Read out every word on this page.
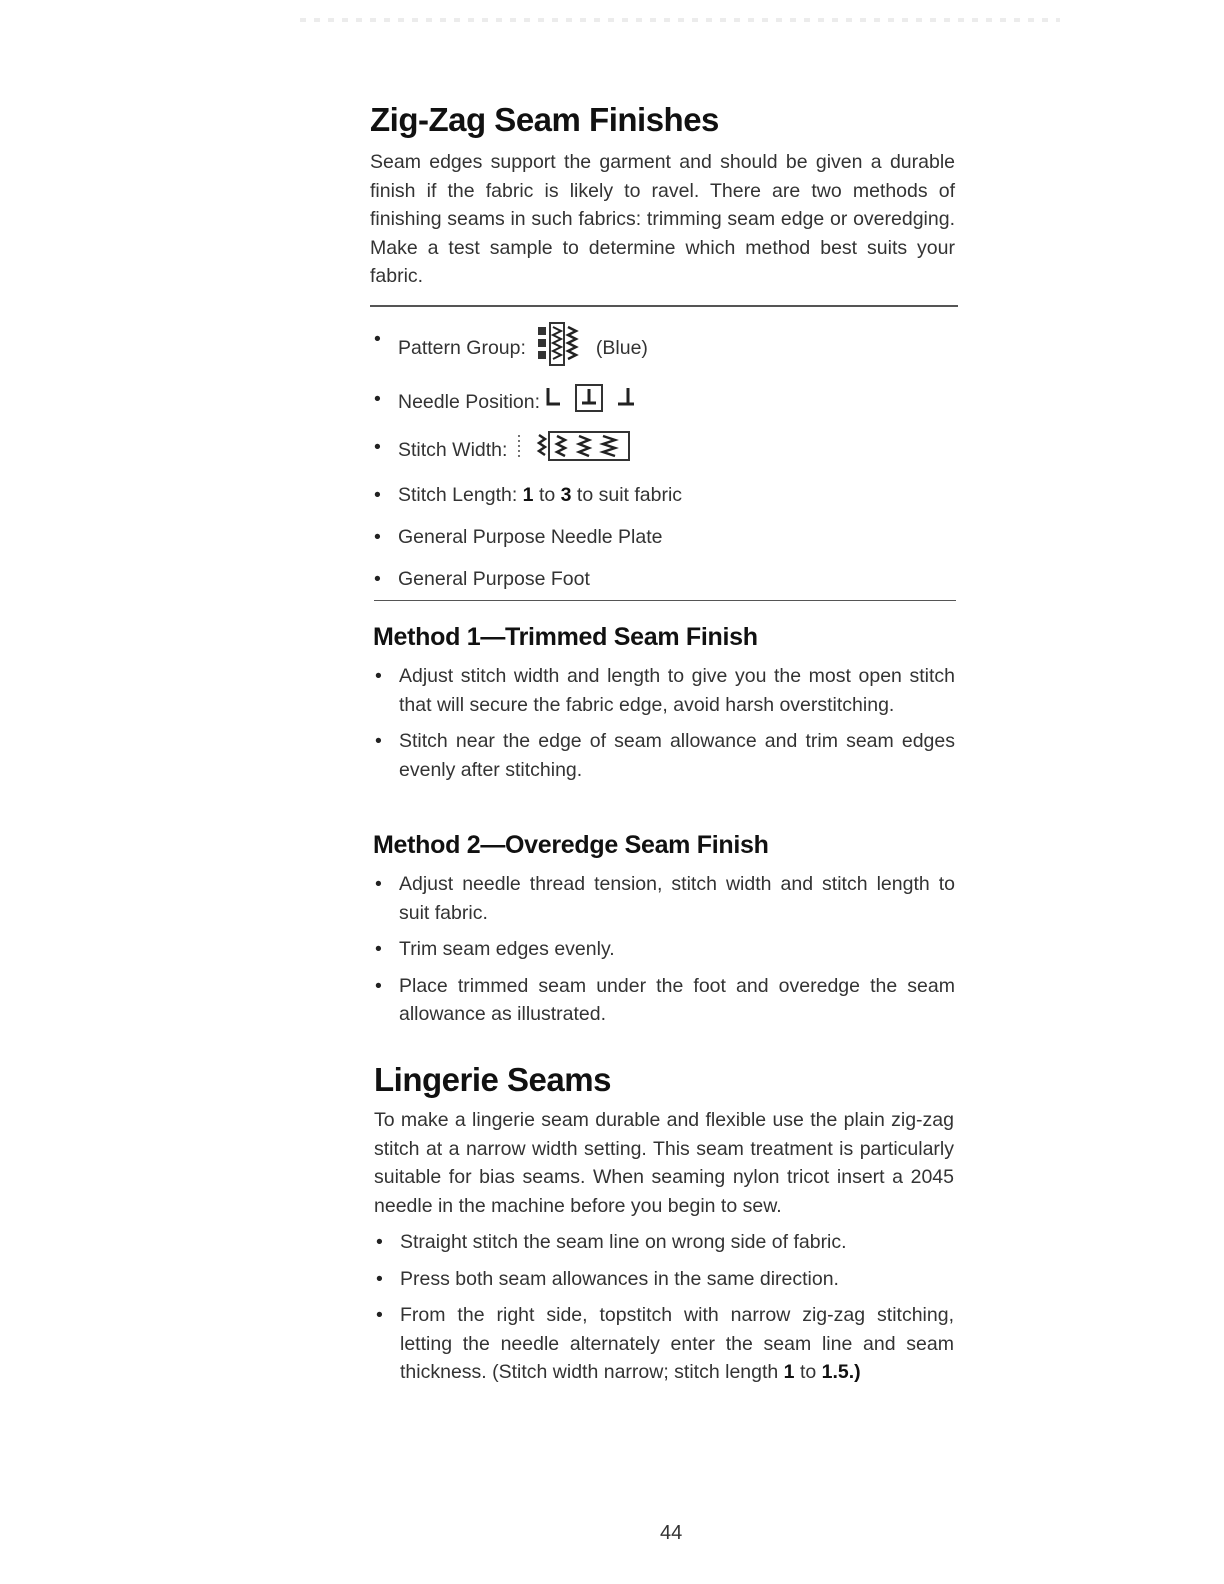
Zig-Zag Seam Finishes

Seam edges support the garment and should be given a durable finish if the fabric is likely to ravel. There are two methods of finishing seams in such fabrics: trimming seam edge or overedging. Make a test sample to determine which method best suits your fabric.

• Pattern Group:	(Blue)
• Needle Position:
• Stitch Width:
• Stitch Length:
1
to
3
to suit fabric
• General Purpose Needle Plate
• General Purpose Foot
Method 1—Trimmed Seam Finish
• Adjust stitch width and length to give you the most open stitch that will secure the fabric edge, avoid harsh overstitching.
• Stitch near the edge of seam allowance and trim seam edges evenly after stitching.
Method 2—Overedge Seam Finish
• Adjust needle thread tension, stitch width and stitch length to suit fabric.
• Trim seam edges evenly.
• Place trimmed seam under the foot and overedge the seam allowance as illustrated.
Lingerie Seams

To make a lingerie seam durable and flexible use the plain zig-zag stitch at a narrow width setting. This seam treatment is particularly suitable for bias seams. When seaming nylon tricot insert a 2045 needle in the machine before you begin to sew.

• Straight stitch the seam line on wrong side of fabric.
• Press both seam allowances in the same direction.
• From the right side, topstitch with narrow zig-zag stitching, letting the needle alternately enter the seam line and seam thickness. (Stitch width narrow; stitch length 1 to 1.5.)
44
